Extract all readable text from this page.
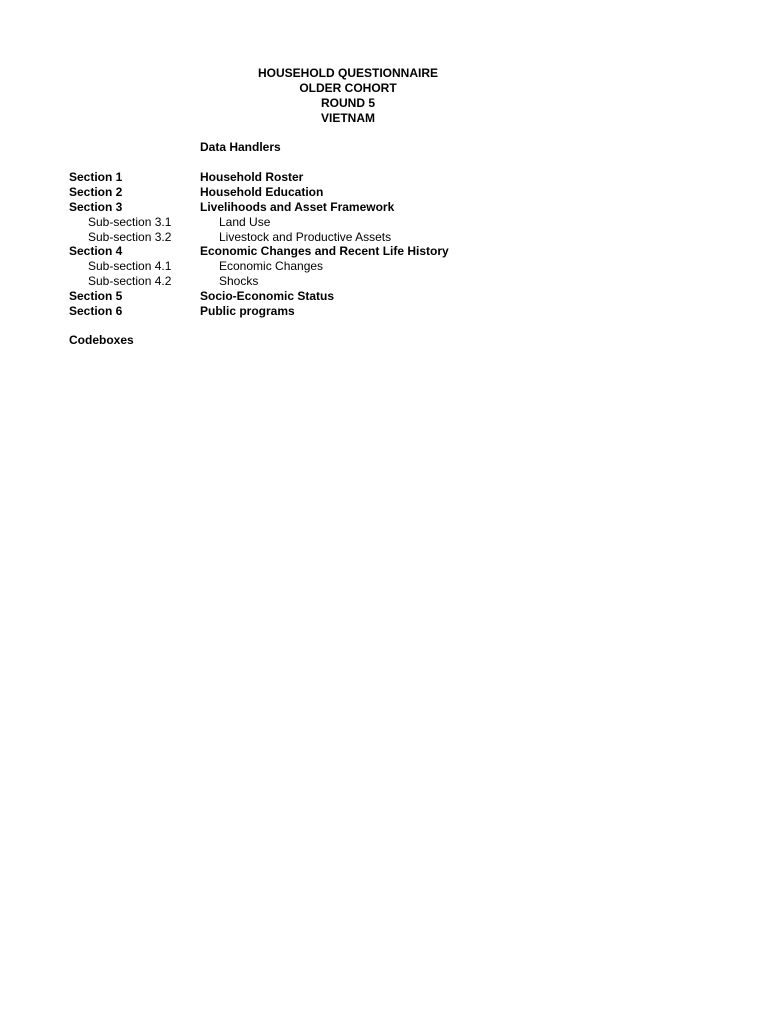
HOUSEHOLD QUESTIONNAIRE
OLDER COHORT
ROUND 5
VIETNAM
Data Handlers
Section 1	Household Roster
Section 2	Household Education
Section 3	Livelihoods and Asset Framework
Sub-section 3.1	Land Use
Sub-section 3.2	Livestock and Productive Assets
Section 4	Economic Changes and Recent Life History
Sub-section 4.1	Economic Changes
Sub-section 4.2	Shocks
Section 5	Socio-Economic Status
Section 6	Public programs
Codeboxes
